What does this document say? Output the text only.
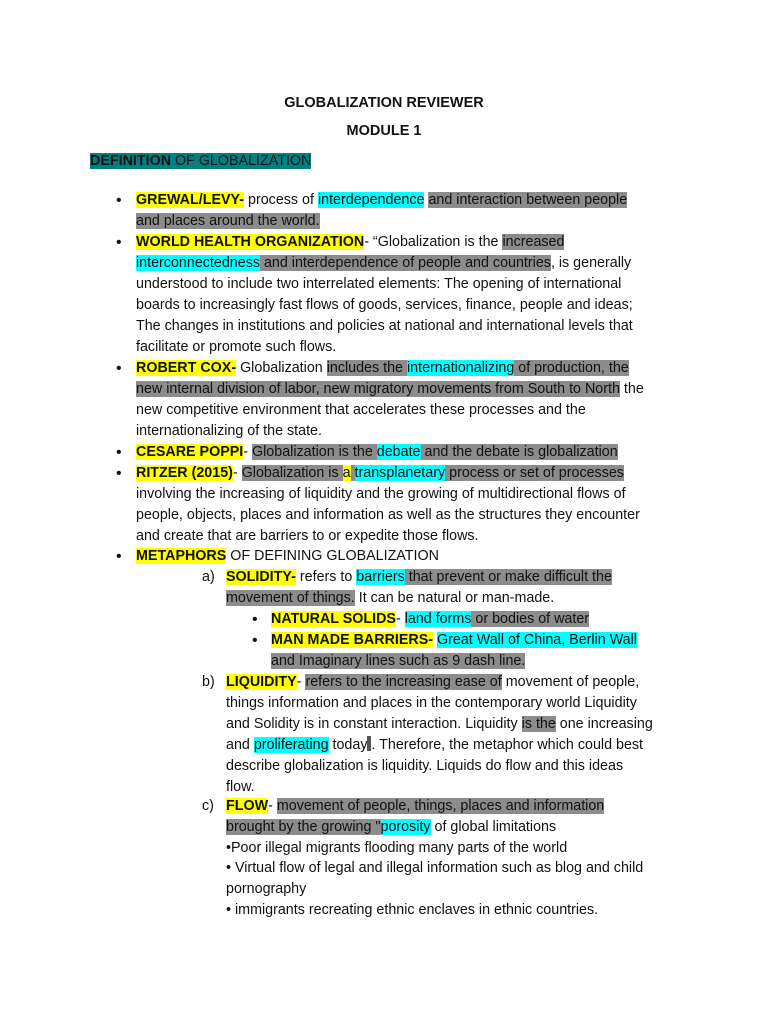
GLOBALIZATION REVIEWER
MODULE 1
DEFINITION OF GLOBALIZATION
• GREWAL/LEVY- process of interdependence and interaction between people
and places around the world.
• WORLD HEALTH ORGANIZATION- “Globalization is the increased
interconnectedness and interdependence of people and countries, is generally
understood to include two interrelated elements: The opening of international
boards to increasingly fast flows of goods, services, finance, people and ideas;
The changes in institutions and policies at national and international levels that
facilitate or promote such flows.
• ROBERT COX- Globalization includes the internationalizing of production, the
new internal division of labor, new migratory movements from South to North the
new competitive environment that accelerates these processes and the
internationalizing of the state.
• CESARE POPPI- Globalization is the debate and the debate is globalization
• RITZER (2015)- Globalization is a transplanetary process or set of processes
involving the increasing of liquidity and the growing of multidirectional flows of
people, objects, places and information as well as the structures they encounter
and create that are barriers to or expedite those flows.
• METAPHORS OF DEFINING GLOBALIZATION
a) SOLIDITY- refers to barriers that prevent or make difficult the
movement of things. It can be natural or man-made.
• NATURAL SOLIDS- land forms or bodies of water
• MAN MADE BARRIERS- Great Wall of China, Berlin Wall
and Imaginary lines such as 9 dash line.
b) LIQUIDITY- refers to the increasing ease of movement of people,
things information and places in the contemporary world Liquidity
and Solidity is in constant interaction. Liquidity is the one increasing
and proliferating today . Therefore, the metaphor which could best
describe globalization is liquidity. Liquids do flow and this ideas
flow.
c) FLOW- movement of people, things, places and information
brought by the growing "porosity of global limitations
•Poor illegal migrants flooding many parts of the world
• Virtual flow of legal and illegal information such as blog and child
pornography
• immigrants recreating ethnic enclaves in ethnic countries.
